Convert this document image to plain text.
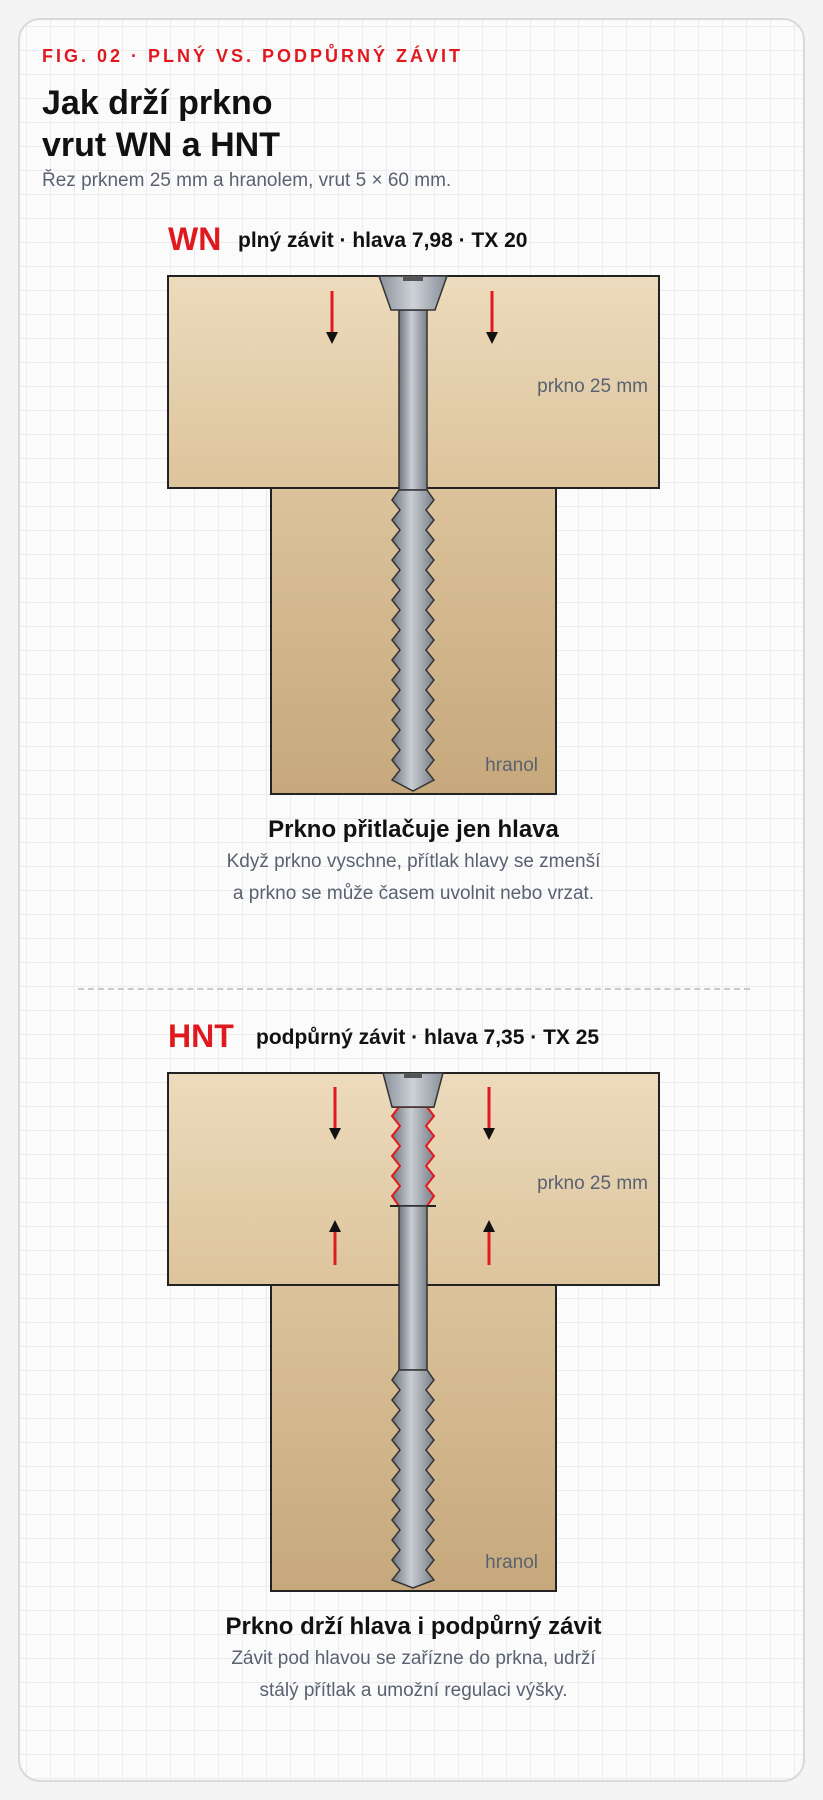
FIG. 02 · PLNÝ VS. PODPŮRNÝ ZÁVIT
Jak drží prkno
vrut WN a HNT
Řez prknem 25 mm a hranolem, vrut 5 × 60 mm.
WN plný závit · hlava 7,98 · TX 20
prkno 25 mm
hranol
HNT podpůrný závit · hlava 7,35 · TX 25
prkno 25 mm
hranol
Prkno přitlačuje jen hlava
Když prkno vyschne, přítlak hlavy se zmenší
a prkno se může časem uvolnit nebo vrzat.
Prkno drží hlava i podpůrný závit
Závit pod hlavou se zařízne do prkna, udrží
stálý přítlak a umožní regulaci výšky.
